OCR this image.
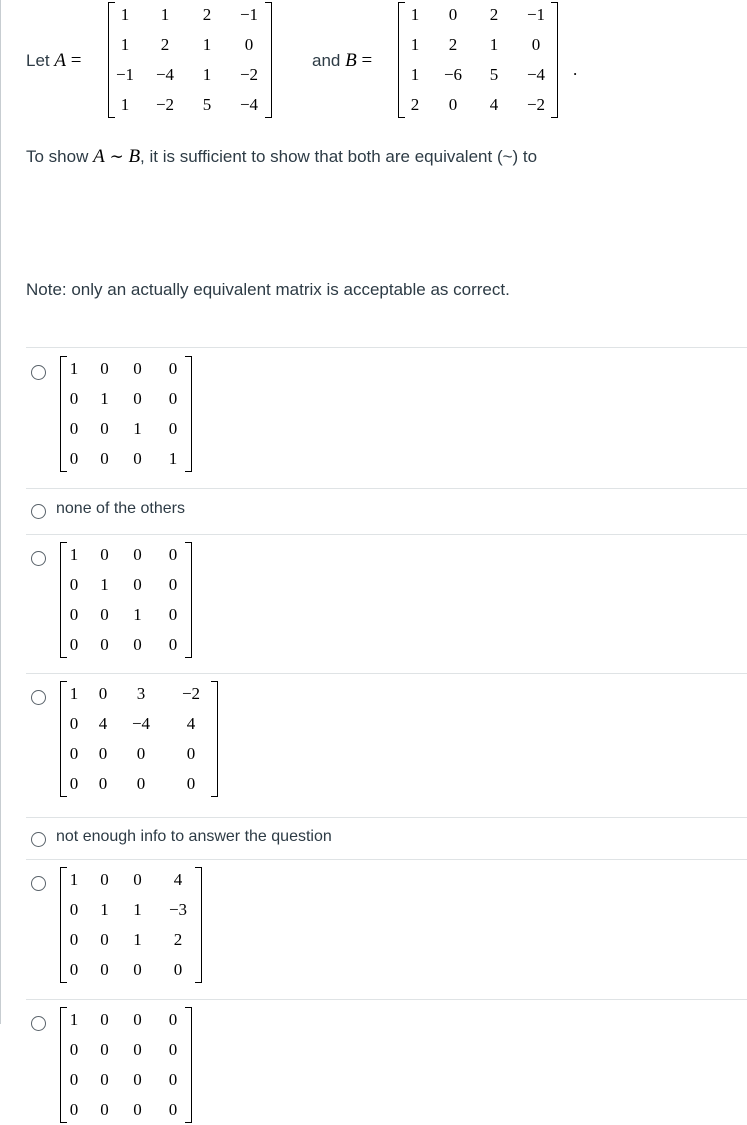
Let A =
1	1	2	−1
1	2	1	0
−1	−4	1	−2
1	−2	5	−4
and B =
1	0	2	−1
1	2	1	0
1	−6	5	−4
2	0	4	−2
.
To show A ∼ B, it is sufficient to show that both are equivalent (~) to
Note: only an actually equivalent matrix is acceptable as correct.
1	0	0	0
0	1	0	0
0	0	1	0
0	0	0	1
none of the others
1	0	0	0
0	1	0	0
0	0	1	0
0	0	0	0
1	0	3	−2
0	4	−4	4
0	0	0	0
0	0	0	0
not enough info to answer the question
1	0	0	4
0	1	1	−3
0	0	1	2
0	0	0	0
1	0	0	0
0	0	0	0
0	0	0	0
0	0	0	0
